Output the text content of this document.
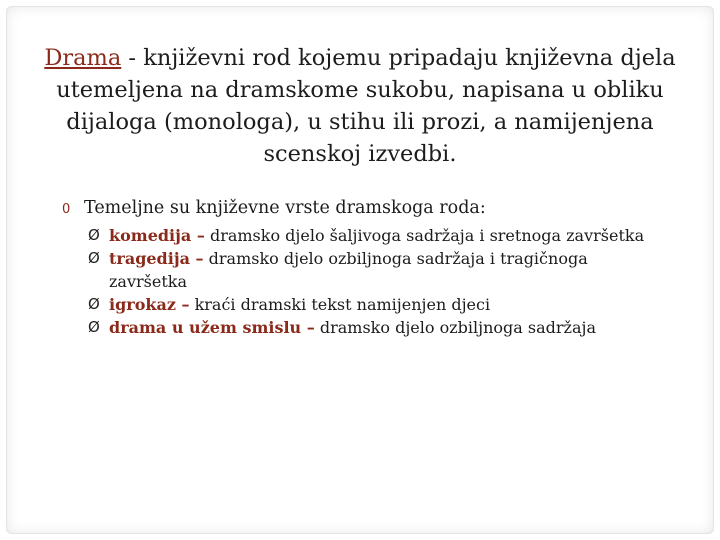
Drama - književni rod kojemu pripadaju književna djela utemeljena na dramskome sukobu, napisana u obliku dijaloga (monologa), u stihu ili prozi, a namijenjena scenskoj izvedbi.
0 Temeljne su književne vrste dramskoga roda:
Ø komedija – dramsko djelo šaljivoga sadržaja i sretnoga završetka
Ø tragedija – dramsko djelo ozbiljnoga sadržaja i tragičnoga završetka
Ø igrokaz – kraći dramski tekst namijenjen djeci
Ø drama u užem smislu – dramsko djelo ozbiljnoga sadržaja
